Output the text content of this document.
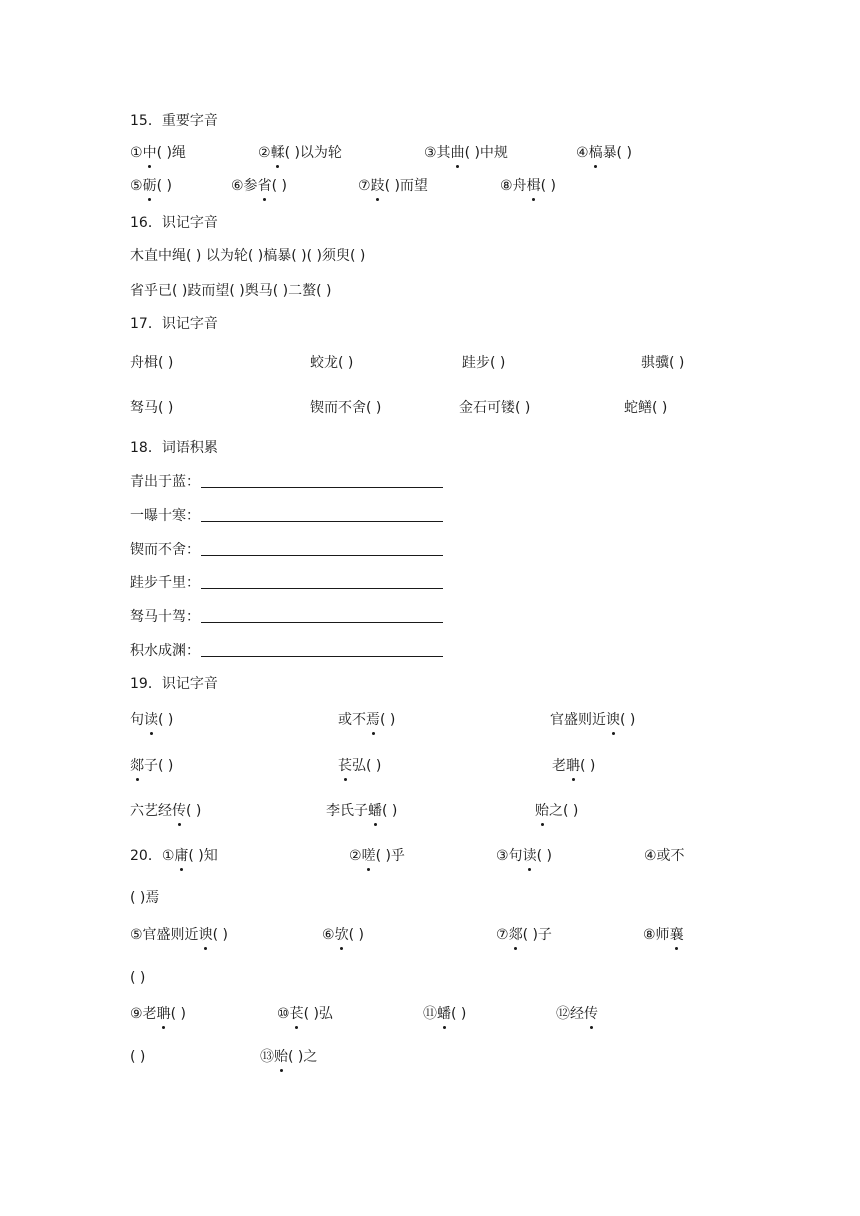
15．重要字音
①中( )绳	②輮( )以为轮	③其曲( )中规	④槁暴( )
⑤砺( )	⑥参省( )	⑦跂( )而望	⑧舟楫( )
16．识记字音
木直中绳( ) 以为轮( )槁暴( )( )须臾( )
省乎已( )跂而望( )舆马( )二螯( )
17．识记字音
舟楫( )	蛟龙( )	跬步( )	骐骥( )
驽马( )	锲而不舍( )	金石可镂( )	蛇鳝( )
18．词语积累
青出于蓝：
一曝十寒：
锲而不舍：
跬步千里：
驽马十驾：
积水成渊：
19．识记字音
句读( )	或不焉( )	官盛则近谀( )
郯子( )	苌弘( )	老聃( )
六艺经传( )	李氏子蟠( )	贻之( )
20．①庸( )知	②嗟( )乎	③句读( )	④或不
( )焉
⑤官盛则近谀( )	⑥欤( )	⑦郯( )子	⑧师襄
( )
⑨老聃( )	⑩苌( )弘	⑪蟠( )	⑫经传
( )	⑬贻( )之
